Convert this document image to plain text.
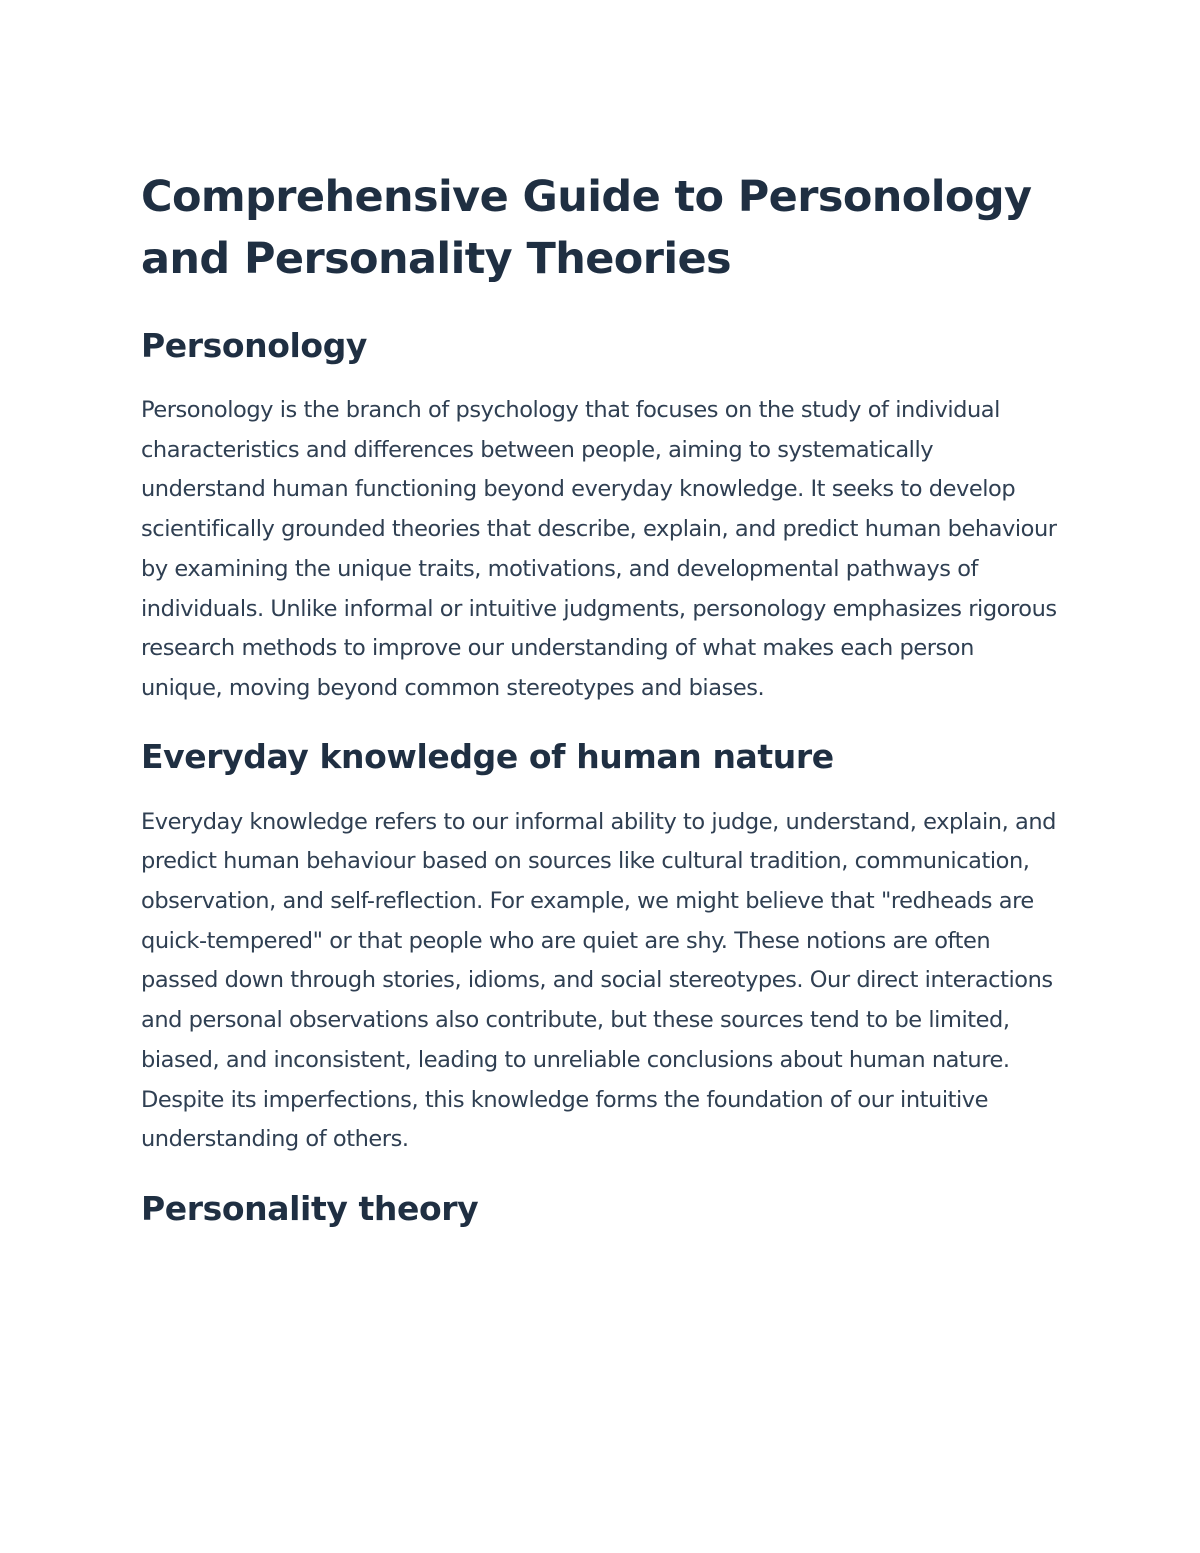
Comprehensive Guide to Personology and Personality Theories
Personology

Personology is the branch of psychology that focuses on the study of individual characteristics and differences between people, aiming to systematically understand human functioning beyond everyday knowledge. It seeks to develop scientifically grounded theories that describe, explain, and predict human behaviour by examining the unique traits, motivations, and developmental pathways of individuals. Unlike informal or intuitive judgments, personology emphasizes rigorous research methods to improve our understanding of what makes each person unique, moving beyond common stereotypes and biases.

Everyday knowledge of human nature

Everyday knowledge refers to our informal ability to judge, understand, explain, and predict human behaviour based on sources like cultural tradition, communication, observation, and self-reflection. For example, we might believe that "redheads are quick-tempered" or that people who are quiet are shy. These notions are often passed down through stories, idioms, and social stereotypes. Our direct interactions and personal observations also contribute, but these sources tend to be limited, biased, and inconsistent, leading to unreliable conclusions about human nature. Despite its imperfections, this knowledge forms the foundation of our intuitive understanding of others.

Personality theory
